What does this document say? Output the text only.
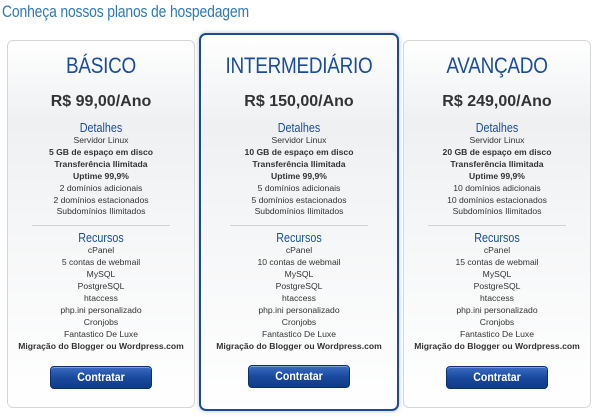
Conheça nossos planos de hospedagem
BÁSICO
R$ 99,00/Ano
Detalhes
Servidor Linux
5 GB de espaço em disco
Transferência Ilimitada
Uptime 99,9%
2 domínios adicionais
2 domínios estacionados
Subdomínios Ilimitados
Recursos
cPanel
5 contas de webmail
MySQL
PostgreSQL
htaccess
php.ini personalizado
Cronjobs
Fantastico De Luxe
Migração do Blogger ou Wordpress.com
Contratar
INTERMEDIÁRIO
R$ 150,00/Ano
Detalhes
Servidor Linux
10 GB de espaço em disco
Transferência Ilimitada
Uptime 99,9%
5 domínios adicionais
5 domínios estacionados
Subdomínios Ilimitados
Recursos
cPanel
10 contas de webmail
MySQL
PostgreSQL
htaccess
php.ini personalizado
Cronjobs
Fantastico De Luxe
Migração do Blogger ou Wordpress.com
Contratar
AVANÇADO
R$ 249,00/Ano
Detalhes
Servidor Linux
20 GB de espaço em disco
Transferência Ilimitada
Uptime 99,9%
10 domínios adicionais
10 domínios estacionados
Subdomínios Ilimitados
Recursos
cPanel
15 contas de webmail
MySQL
PostgreSQL
htaccess
php.ini personalizado
Cronjobs
Fantastico De Luxe
Migração do Blogger ou Wordpress.com
Contratar
